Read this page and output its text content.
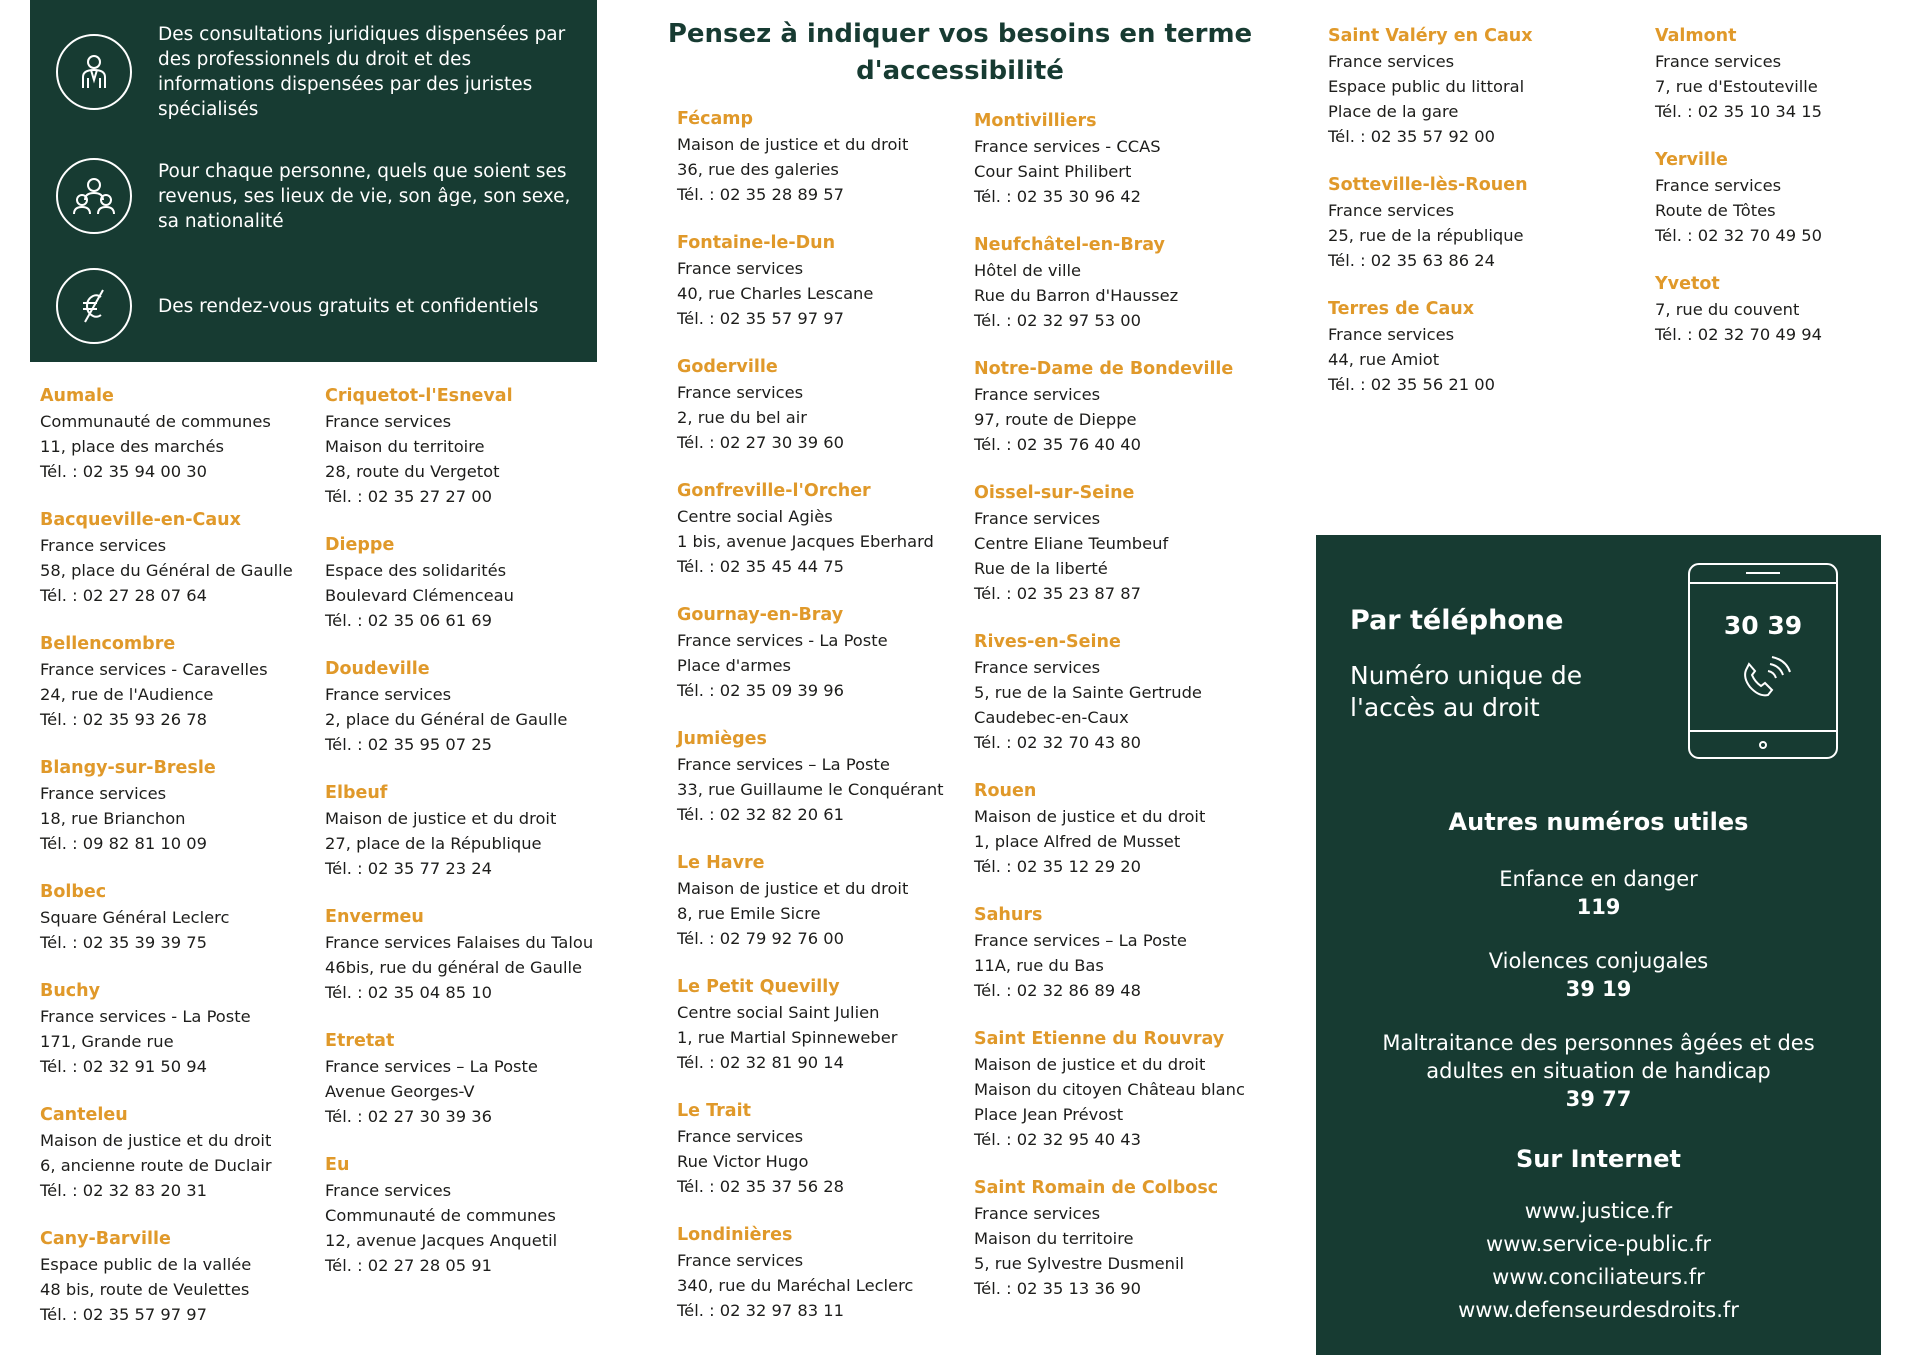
Des consultations juridiques dispensées par des professionnels du droit et des informations dispensées par des juristes spécialisés
Pour chaque personne, quels que soient ses revenus, ses lieux de vie, son âge, son sexe, sa nationalité
Des rendez-vous gratuits et confidentiels
Pensez à indiquer vos besoins en terme d'accessibilité
Aumale
Communauté de communes
11, place des marchés
Tél. : 02 35 94 00 30
Bacqueville-en-Caux
France services
58, place du Général de Gaulle
Tél. : 02 27 28 07 64
Bellencombre
France services - Caravelles
24, rue de l'Audience
Tél. : 02 35 93 26 78
Blangy-sur-Bresle
France services
18, rue Brianchon
Tél. : 09 82 81 10 09
Bolbec
Square Général Leclerc
Tél. : 02 35 39 39 75
Buchy
France services - La Poste
171, Grande rue
Tél. : 02 32 91 50 94
Canteleu
Maison de justice et du droit
6, ancienne route de Duclair
Tél. : 02 32 83 20 31
Cany-Barville
Espace public de la vallée
48 bis, route de Veulettes
Tél. : 02 35 57 97 97
Criquetot-l'Esneval
France services
Maison du territoire
28, route du Vergetot
Tél. : 02 35 27 27 00
Dieppe
Espace des solidarités
Boulevard Clémenceau
Tél. : 02 35 06 61 69
Doudeville
France services
2, place du Général de Gaulle
Tél. : 02 35 95 07 25
Elbeuf
Maison de justice et du droit
27, place de la République
Tél. : 02 35 77 23 24
Envermeu
France services Falaises du Talou
46bis, rue du général de Gaulle
Tél. : 02 35 04 85 10
Etretat
France services – La Poste
Avenue Georges-V
Tél. : 02 27 30 39 36
Eu
France services
Communauté de communes
12, avenue Jacques Anquetil
Tél. : 02 27 28 05 91
Fécamp
Maison de justice et du droit
36, rue des galeries
Tél. : 02 35 28 89 57
Fontaine-le-Dun
France services
40, rue Charles Lescane
Tél. : 02 35 57 97 97
Goderville
France services
2, rue du bel air
Tél. : 02 27 30 39 60
Gonfreville-l'Orcher
Centre social Agiès
1 bis, avenue Jacques Eberhard
Tél. : 02 35 45 44 75
Gournay-en-Bray
France services - La Poste
Place d'armes
Tél. : 02 35 09 39 96
Jumièges
France services – La Poste
33, rue Guillaume le Conquérant
Tél. : 02 32 82 20 61
Le Havre
Maison de justice et du droit
8, rue Emile Sicre
Tél. : 02 79 92 76 00
Le Petit Quevilly
Centre social Saint Julien
1, rue Martial Spinneweber
Tél. : 02 32 81 90 14
Le Trait
France services
Rue Victor Hugo
Tél. : 02 35 37 56 28
Londinières
France services
340, rue du Maréchal Leclerc
Tél. : 02 32 97 83 11
Montivilliers
France services - CCAS
Cour Saint Philibert
Tél. : 02 35 30 96 42
Neufchâtel-en-Bray
Hôtel de ville
Rue du Barron d'Haussez
Tél. : 02 32 97 53 00
Notre-Dame de Bondeville
France services
97, route de Dieppe
Tél. : 02 35 76 40 40
Oissel-sur-Seine
France services
Centre Eliane Teumbeuf
Rue de la liberté
Tél. : 02 35 23 87 87
Rives-en-Seine
France services
5, rue de la Sainte Gertrude
Caudebec-en-Caux
Tél. : 02 32 70 43 80
Rouen
Maison de justice et du droit
1, place Alfred de Musset
Tél. : 02 35 12 29 20
Sahurs
France services – La Poste
11A, rue du Bas
Tél. : 02 32 86 89 48
Saint Etienne du Rouvray
Maison de justice et du droit
Maison du citoyen Château blanc
Place Jean Prévost
Tél. : 02 32 95 40 43
Saint Romain de Colbosc
France services
Maison du territoire
5, rue Sylvestre Dusmenil
Tél. : 02 35 13 36 90
Saint Valéry en Caux
France services
Espace public du littoral
Place de la gare
Tél. : 02 35 57 92 00
Sotteville-lès-Rouen
France services
25, rue de la république
Tél. : 02 35 63 86 24
Terres de Caux
France services
44, rue Amiot
Tél. : 02 35 56 21 00
Valmont
France services
7, rue d'Estouteville
Tél. : 02 35 10 34 15
Yerville
France services
Route de Tôtes
Tél. : 02 32 70 49 50
Yvetot
7, rue du couvent
Tél. : 02 32 70 49 94
Par téléphone
Numéro unique de l'accès au droit
30 39
Autres numéros utiles
Enfance en danger
119
Violences conjugales
39 19
Maltraitance des personnes âgées et des adultes en situation de handicap
39 77
Sur Internet
www.justice.fr
www.service-public.fr
www.conciliateurs.fr
www.defenseurdesdroits.fr
